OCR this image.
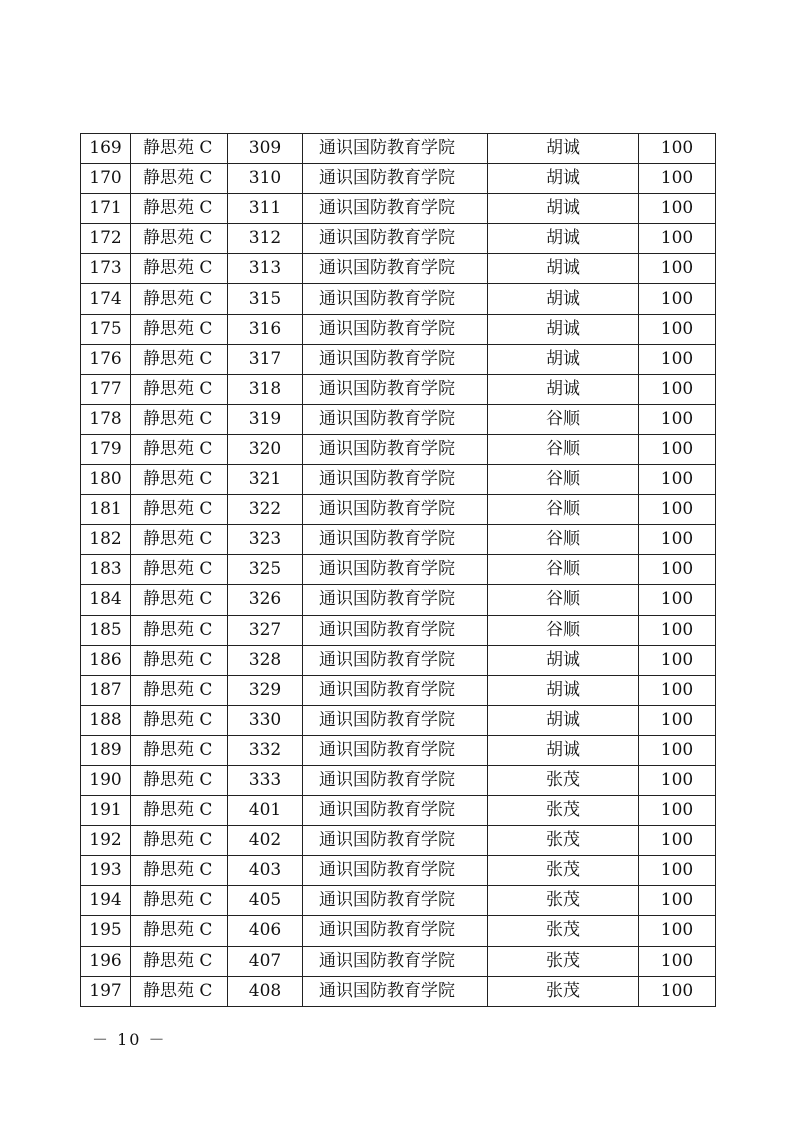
169	静思苑 C	309	通识国防教育学院	胡诚	100
170	静思苑 C	310	通识国防教育学院	胡诚	100
171	静思苑 C	311	通识国防教育学院	胡诚	100
172	静思苑 C	312	通识国防教育学院	胡诚	100
173	静思苑 C	313	通识国防教育学院	胡诚	100
174	静思苑 C	315	通识国防教育学院	胡诚	100
175	静思苑 C	316	通识国防教育学院	胡诚	100
176	静思苑 C	317	通识国防教育学院	胡诚	100
177	静思苑 C	318	通识国防教育学院	胡诚	100
178	静思苑 C	319	通识国防教育学院	谷顺	100
179	静思苑 C	320	通识国防教育学院	谷顺	100
180	静思苑 C	321	通识国防教育学院	谷顺	100
181	静思苑 C	322	通识国防教育学院	谷顺	100
182	静思苑 C	323	通识国防教育学院	谷顺	100
183	静思苑 C	325	通识国防教育学院	谷顺	100
184	静思苑 C	326	通识国防教育学院	谷顺	100
185	静思苑 C	327	通识国防教育学院	谷顺	100
186	静思苑 C	328	通识国防教育学院	胡诚	100
187	静思苑 C	329	通识国防教育学院	胡诚	100
188	静思苑 C	330	通识国防教育学院	胡诚	100
189	静思苑 C	332	通识国防教育学院	胡诚	100
190	静思苑 C	333	通识国防教育学院	张茂	100
191	静思苑 C	401	通识国防教育学院	张茂	100
192	静思苑 C	402	通识国防教育学院	张茂	100
193	静思苑 C	403	通识国防教育学院	张茂	100
194	静思苑 C	405	通识国防教育学院	张茂	100
195	静思苑 C	406	通识国防教育学院	张茂	100
196	静思苑 C	407	通识国防教育学院	张茂	100
197	静思苑 C	408	通识国防教育学院	张茂	100
－ 10 －
